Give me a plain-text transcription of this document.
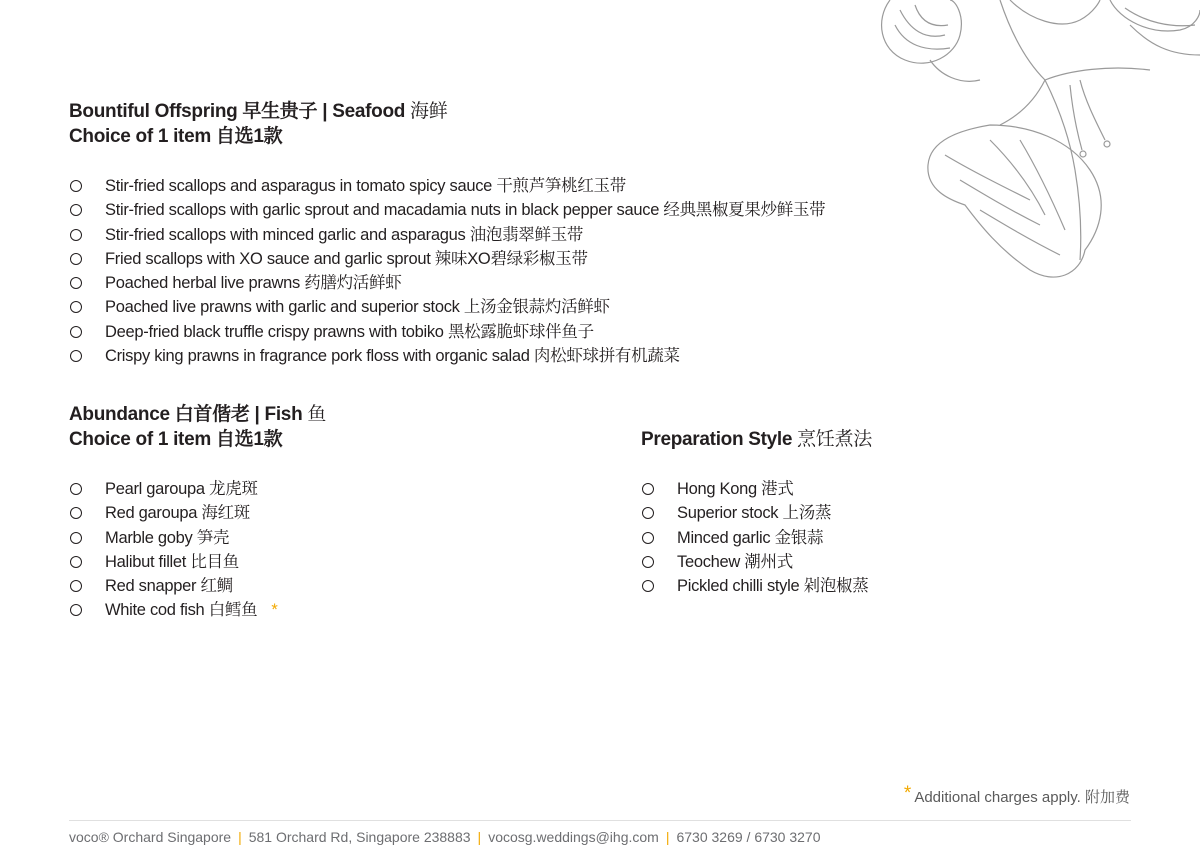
Bountiful Offspring 早生贵子 | Seafood 海鲜
Choice of 1 item 自选1款
Stir-fried scallops and asparagus in tomato spicy sauce 干煎芦笋桃红玉带
Stir-fried scallops with garlic sprout and macadamia nuts in black pepper sauce 经典黑椒夏果炒鲜玉带
Stir-fried scallops with minced garlic and asparagus 油泡翡翠鲜玉带
Fried scallops with XO sauce and garlic sprout 辣味XO碧绿彩椒玉带
Poached herbal live prawns 药膳灼活鲜虾
Poached live prawns with garlic and superior stock 上汤金银蒜灼活鲜虾
Deep-fried black truffle crispy prawns with tobiko 黑松露脆虾球伴鱼子
Crispy king prawns in fragrance pork floss with organic salad 肉松虾球拼有机蔬菜
Abundance 白首偕老 | Fish 鱼
Choice of 1 item 自选1款
Pearl garoupa 龙虎斑
Red garoupa 海红斑
Marble goby 笋壳
Halibut fillet 比目鱼
Red snapper 红鲷
White cod fish 白鳕鱼 *
Preparation Style 烹饪煮法
Hong Kong 港式
Superior stock 上汤蒸
Minced garlic 金银蒜
Teochew 潮州式
Pickled chilli style 剁泡椒蒸
* Additional charges apply. 附加费
voco® Orchard Singapore | 581 Orchard Rd, Singapore 238883 | vocosg.weddings@ihg.com | 6730 3269 / 6730 3270
